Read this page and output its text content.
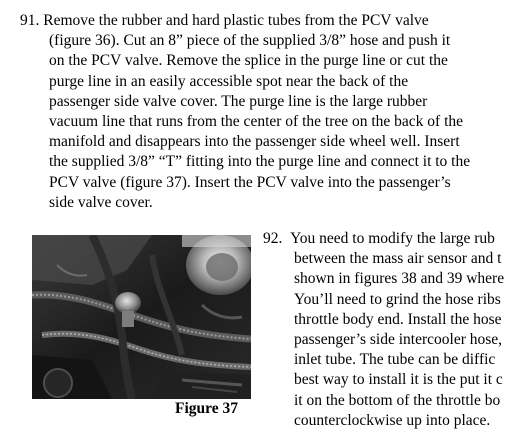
91. Remove the rubber and hard plastic tubes from the PCV valve
(figure 36). Cut an 8” piece of the supplied 3/8” hose and push it
on the PCV valve. Remove the splice in the purge line or cut the
purge line in an easily accessible spot near the back of the
passenger side valve cover. The purge line is the large rubber
vacuum line that runs from the center of the tree on the back of the
manifold and disappears into the passenger side wheel well. Insert
the supplied 3/8” “T” fitting into the purge line and connect it to the
PCV valve (figure 37). Insert the PCV valve into the passenger’s
side valve cover.
Figure 37
92. You need to modify the large rub
between the mass air sensor and t
shown in figures 38 and 39 where
You’ll need to grind the hose ribs
throttle body end. Install the hose
passenger’s side intercooler hose,
inlet tube. The tube can be diffic
best way to install it is the put it c
it on the bottom of the throttle bo
counterclockwise up into place.
